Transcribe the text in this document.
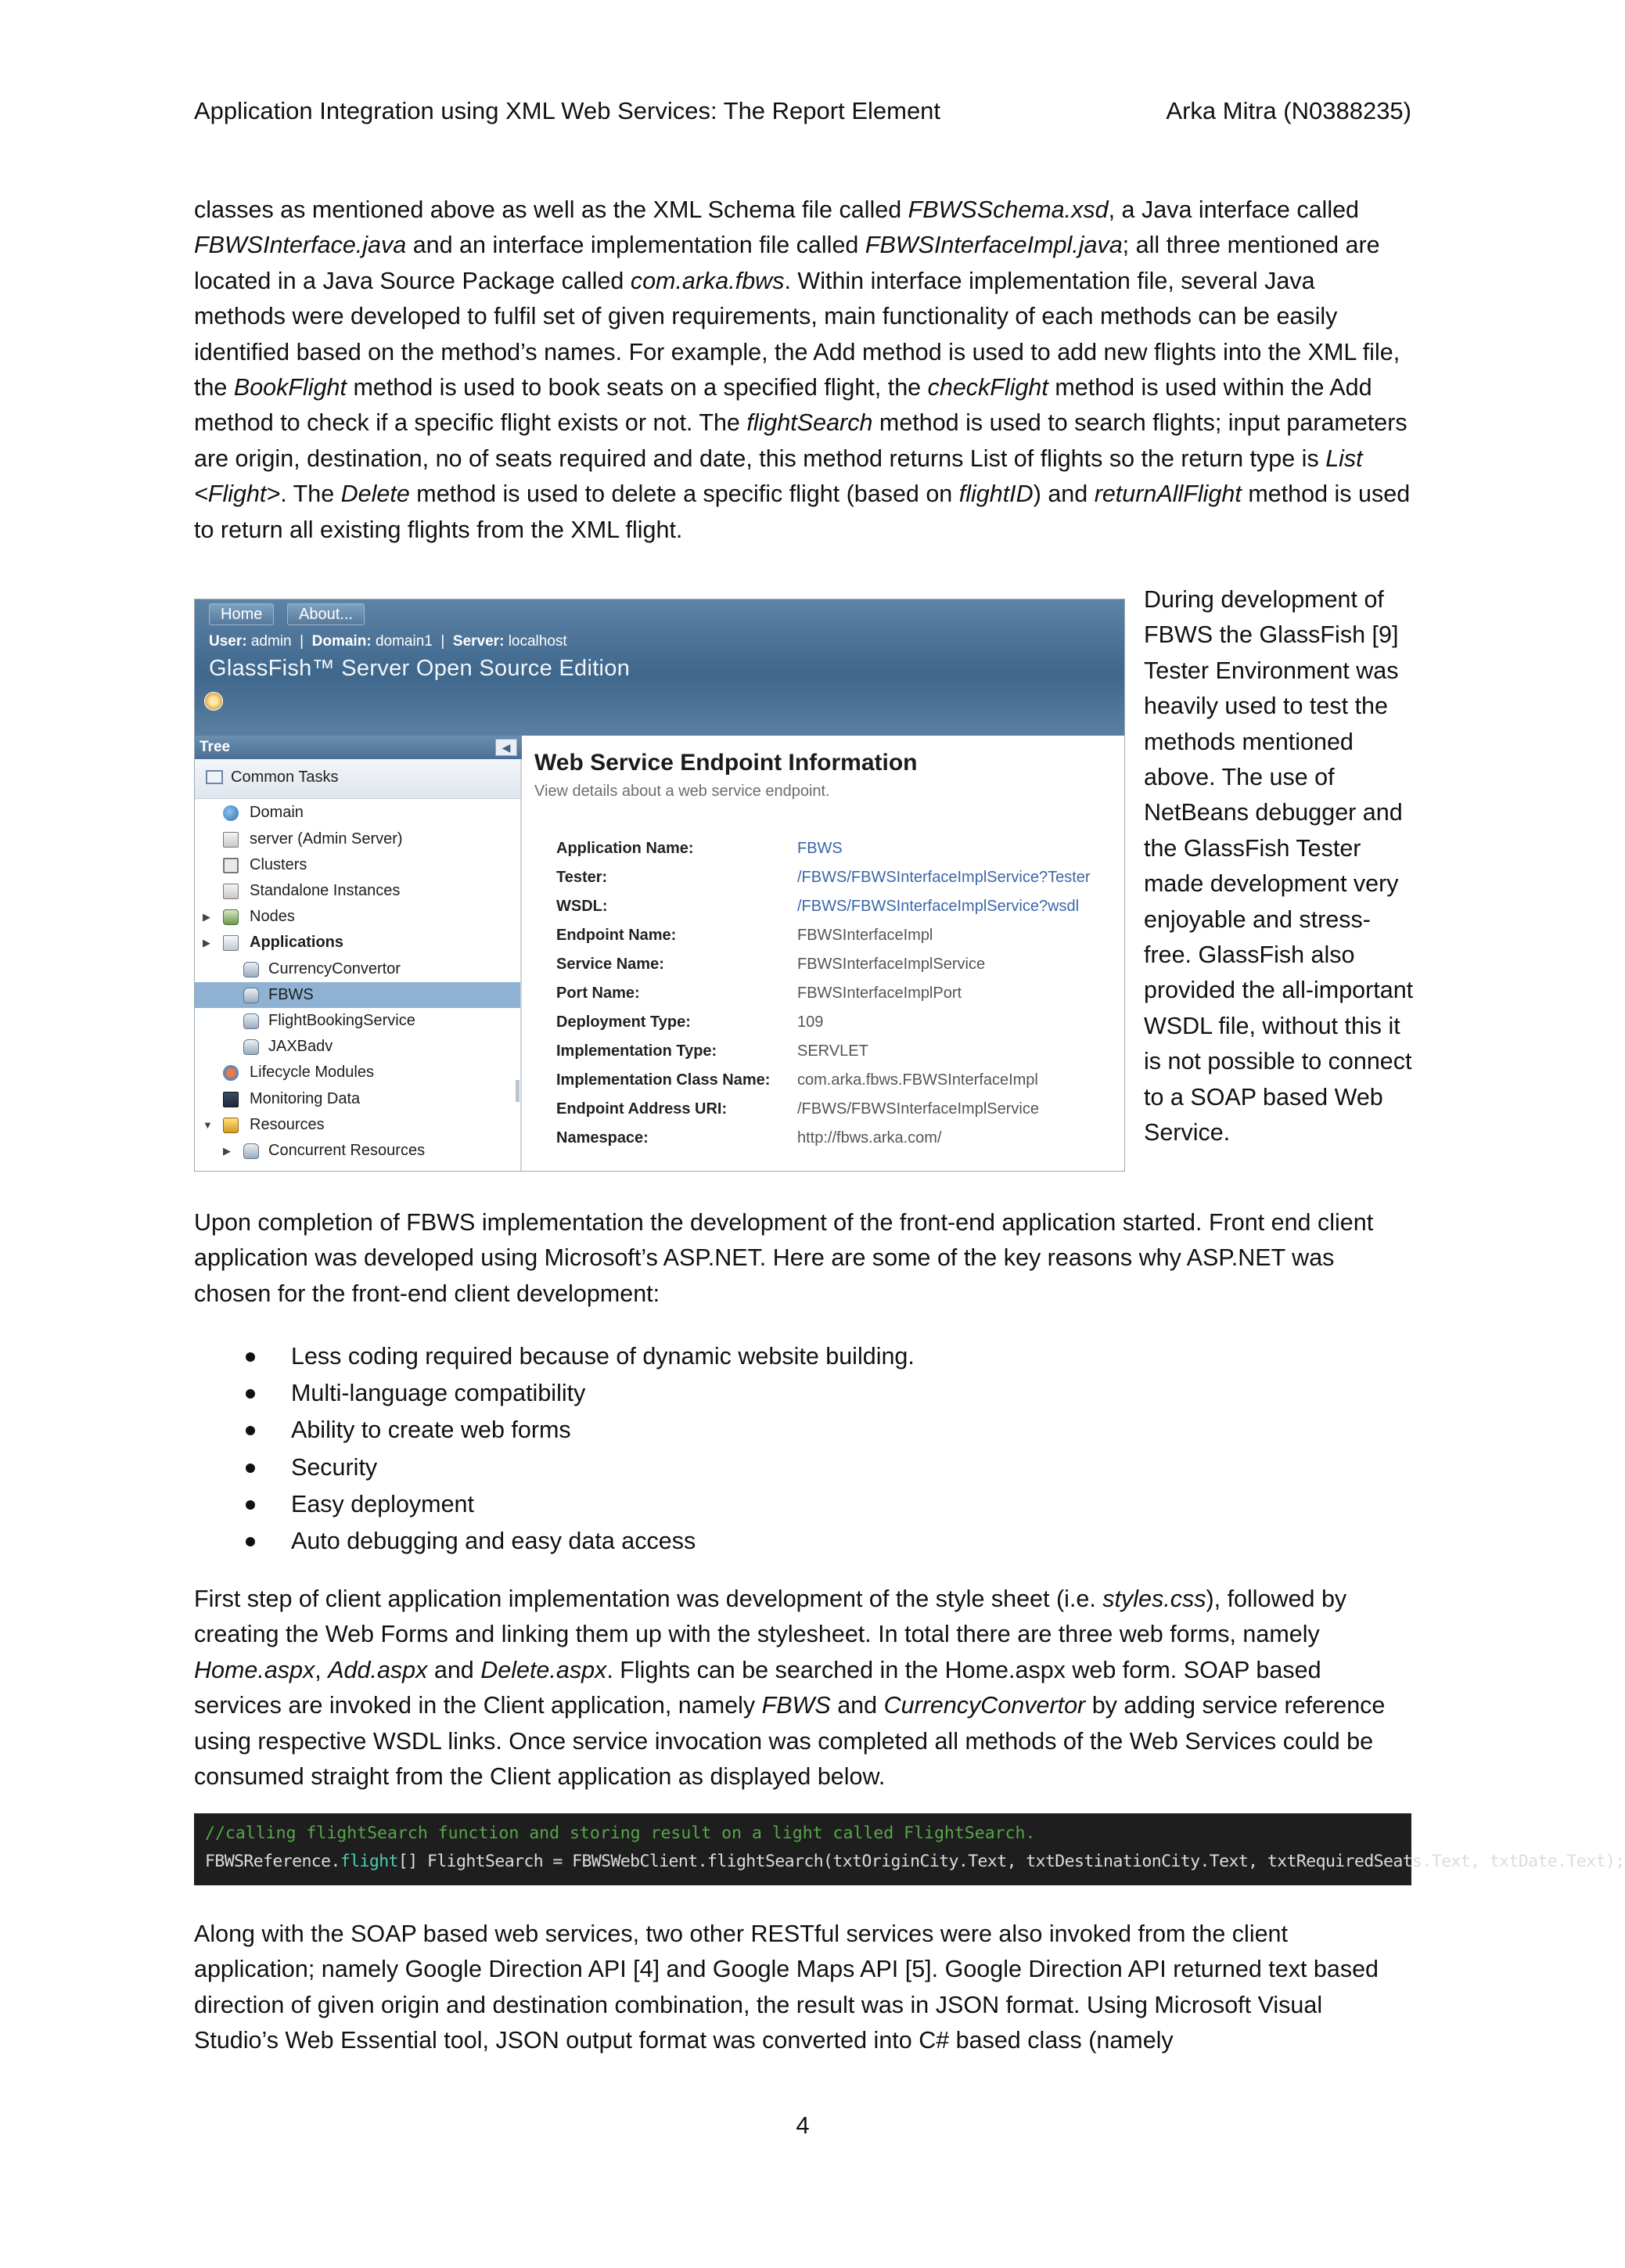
Application Integration using XML Web Services: The Report Element	Arka Mitra (N0388235)

classes as mentioned above as well as the XML Schema file called FBWSSchema.xsd, a Java interface called FBWSInterface.java and an interface implementation file called FBWSInterfaceImpl.java; all three mentioned are located in a Java Source Package called com.arka.fbws. Within interface implementation file, several Java methods were developed to fulfil set of given requirements, main functionality of each methods can be easily identified based on the method’s names. For example, the Add method is used to add new flights into the XML file, the BookFlight method is used to book seats on a specified flight, the checkFlight method is used within the Add method to check if a specific flight exists or not. The flightSearch method is used to search flights; input parameters are origin, destination, no of seats required and date, this method returns List of flights so the return type is List <Flight>. The Delete method is used to delete a specific flight (based on flightID) and returnAllFlight method is used to return all existing flights from the XML flight.

Home	About...
User: admin  |  Domain: domain1  |  Server: localhost
GlassFish™ Server Open Source Edition
Tree	◀
Common Tasks
Domain
server (Admin Server)
Clusters
Standalone Instances
▶	Nodes
▶	Applications
CurrencyConvertor
FBWS
FlightBookingService
JAXBadv
Lifecycle Modules
Monitoring Data
▼ Resources
▶ Concurrent Resources
Web Service Endpoint Information
View details about a web service endpoint.
Application Name:	FBWS
Tester:	/FBWS/FBWSInterfaceImplService?Tester
WSDL:	/FBWS/FBWSInterfaceImplService?wsdl
Endpoint Name:	FBWSInterfaceImpl
Service Name:	FBWSInterfaceImplService
Port Name:	FBWSInterfaceImplPort
Deployment Type:	109
Implementation Type:	SERVLET
Implementation Class Name: com.arka.fbws.FBWSInterfaceImpl
Endpoint Address URI:	/FBWS/FBWSInterfaceImplService
Namespace:	http://fbws.arka.com/

During development of FBWS the GlassFish [9] Tester Environment was heavily used to test the methods mentioned above. The use of NetBeans debugger and the GlassFish Tester made development very enjoyable and stress-free. GlassFish also provided the all-important WSDL file, without this it is not possible to connect to a SOAP based Web Service.

Upon completion of FBWS implementation the development of the front-end application started. Front end client application was developed using Microsoft’s ASP.NET. Here are some of the key reasons why ASP.NET was chosen for the front-end client development:

Less coding required because of dynamic website building.
Multi-language compatibility
Ability to create web forms
Security
Easy deployment
Auto debugging and easy data access

First step of client application implementation was development of the style sheet (i.e. styles.css), followed by creating the Web Forms and linking them up with the stylesheet. In total there are three web forms, namely Home.aspx, Add.aspx and Delete.aspx. Flights can be searched in the Home.aspx web form. SOAP based services are invoked in the Client application, namely FBWS and CurrencyConvertor by adding service reference using respective WSDL links. Once service invocation was completed all methods of the Web Services could be consumed straight from the Client application as displayed below.

//calling flightSearch function and storing result on a light called FlightSearch.
FBWSReference.flight[] FlightSearch = FBWSWebClient.flightSearch(txtOriginCity.Text, txtDestinationCity.Text, txtRequiredSeats.Text, txtDate.Text);

Along with the SOAP based web services, two other RESTful services were also invoked from the client application; namely Google Direction API [4] and Google Maps API [5]. Google Direction API returned text based direction of given origin and destination combination, the result was in JSON format. Using Microsoft Visual Studio’s Web Essential tool, JSON output format was converted into C# based class (namely

4
